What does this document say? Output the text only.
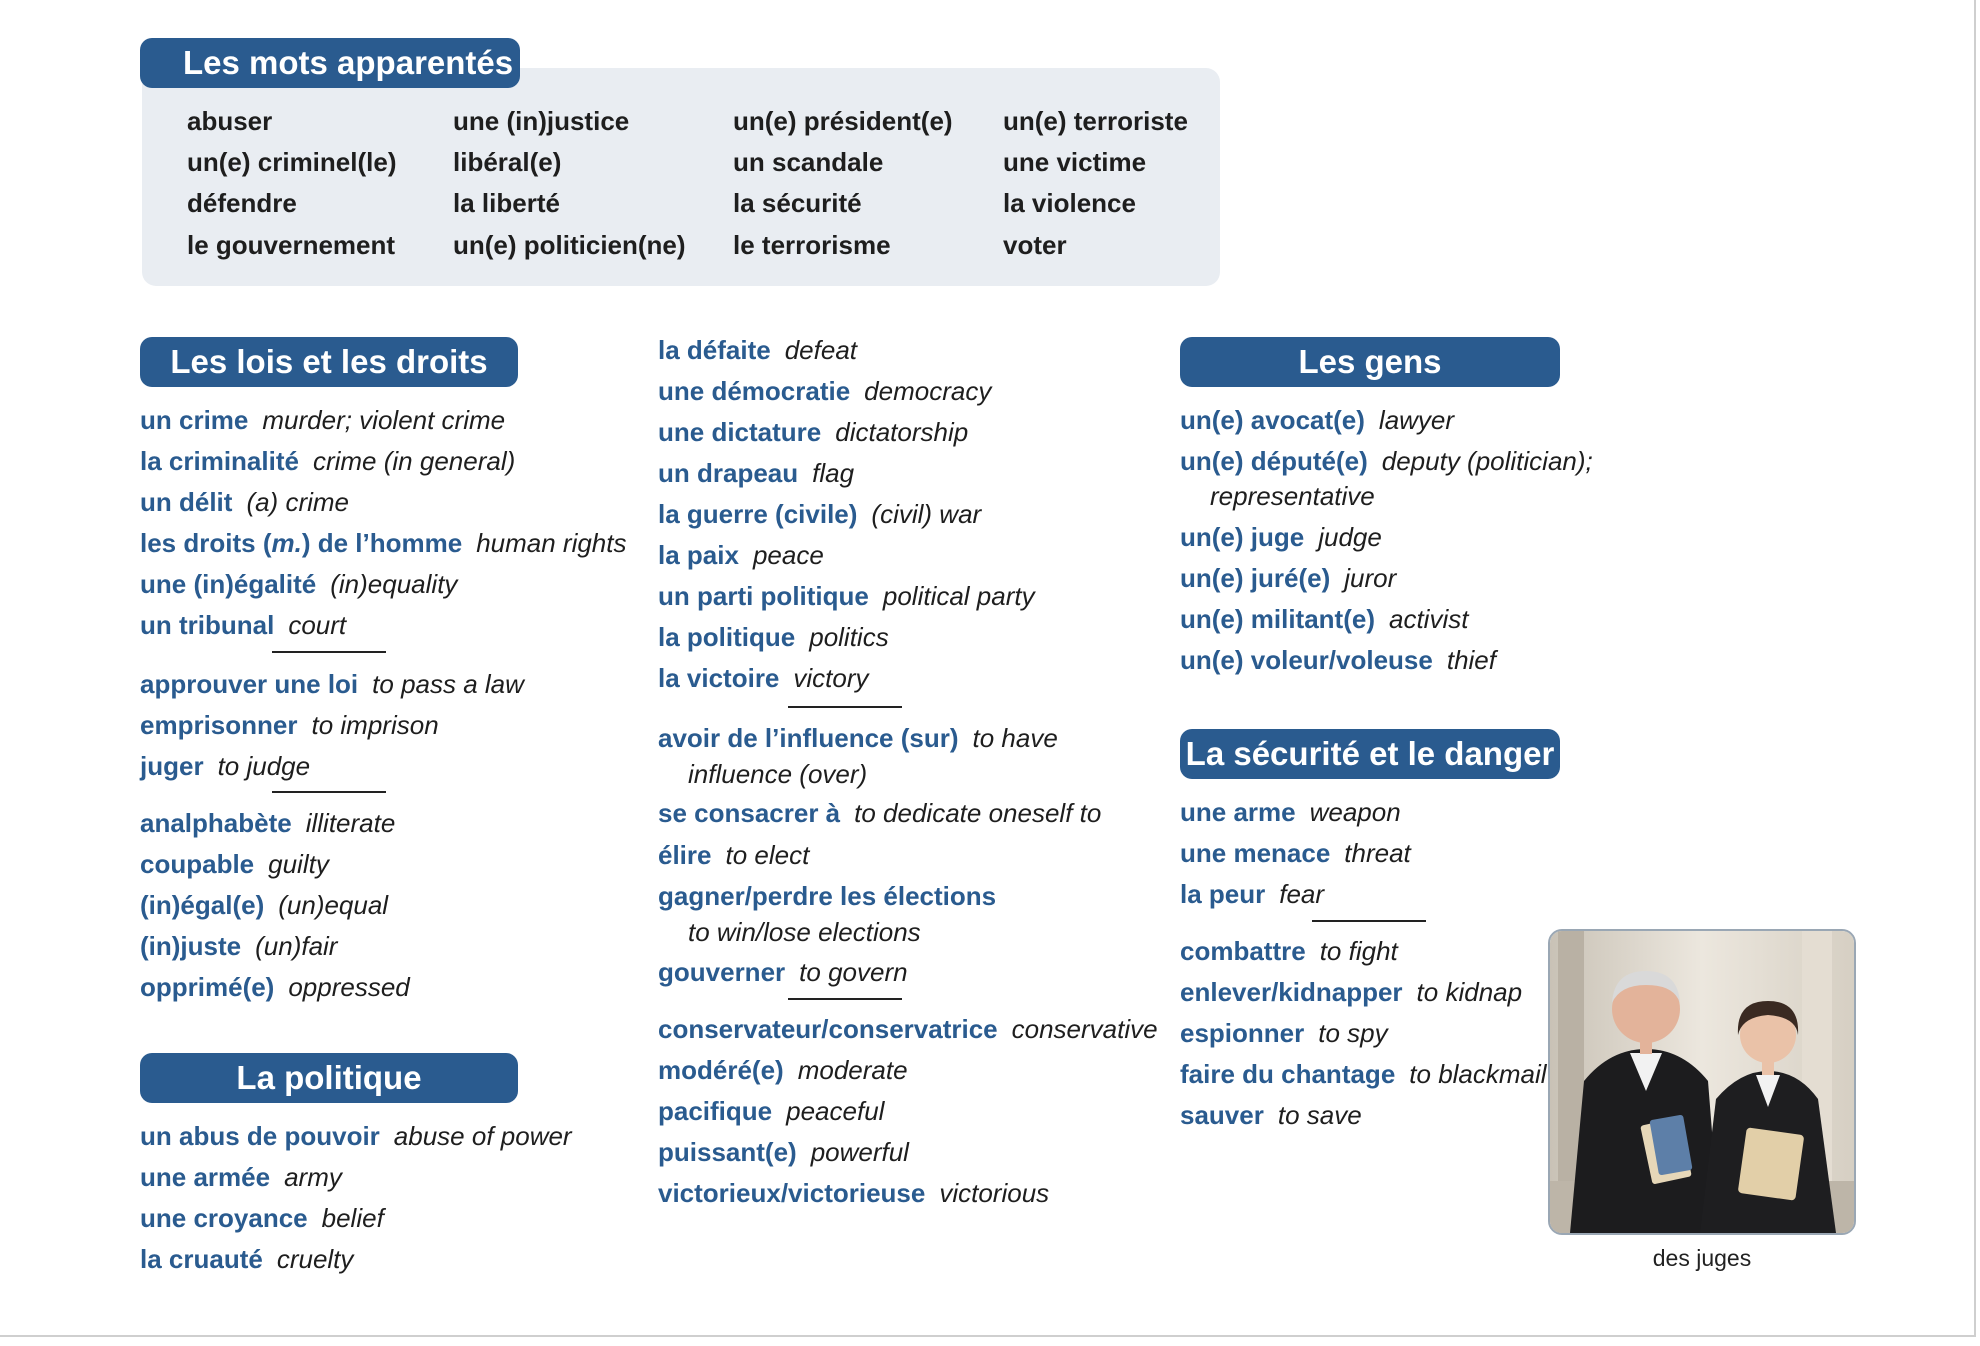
Les mots apparentés
abuser
un(e) criminel(le)
défendre
le gouvernement
une (in)justice
libéral(e)
la liberté
un(e) politicien(ne)
un(e) président(e)
un scandale
la sécurité
le terrorisme
un(e) terroriste
une victime
la violence
voter
Les lois et les droits
un crime murder; violent crime
la criminalité crime (in general)
un délit (a) crime
les droits (m.) de l’homme human rights
une (in)égalité (in)equality
un tribunal court
approuver une loi to pass a law
emprisonner to imprison
juger to judge
analphabète illiterate
coupable guilty
(in)égal(e) (un)equal
(in)juste (un)fair
opprimé(e) oppressed
La politique
un abus de pouvoir abuse of power
une armée army
une croyance belief
la cruauté cruelty
la défaite defeat
une démocratie democracy
une dictature dictatorship
un drapeau flag
la guerre (civile) (civil) war
la paix peace
un parti politique political party
la politique politics
la victoire victory
avoir de l’influence (sur) to have
influence (over)
se consacrer à to dedicate oneself to
élire to elect
gagner/perdre les élections
to win/lose elections
gouverner to govern
conservateur/conservatrice conservative
modéré(e) moderate
pacifique peaceful
puissant(e) powerful
victorieux/victorieuse victorious
Les gens
un(e) avocat(e) lawyer
un(e) député(e) deputy (politician);
representative
un(e) juge judge
un(e) juré(e) juror
un(e) militant(e) activist
un(e) voleur/voleuse thief
La sécurité et le danger
une arme weapon
une menace threat
la peur fear
combattre to fight
enlever/kidnapper to kidnap
espionner to spy
faire du chantage to blackmail
sauver to save
des juges
